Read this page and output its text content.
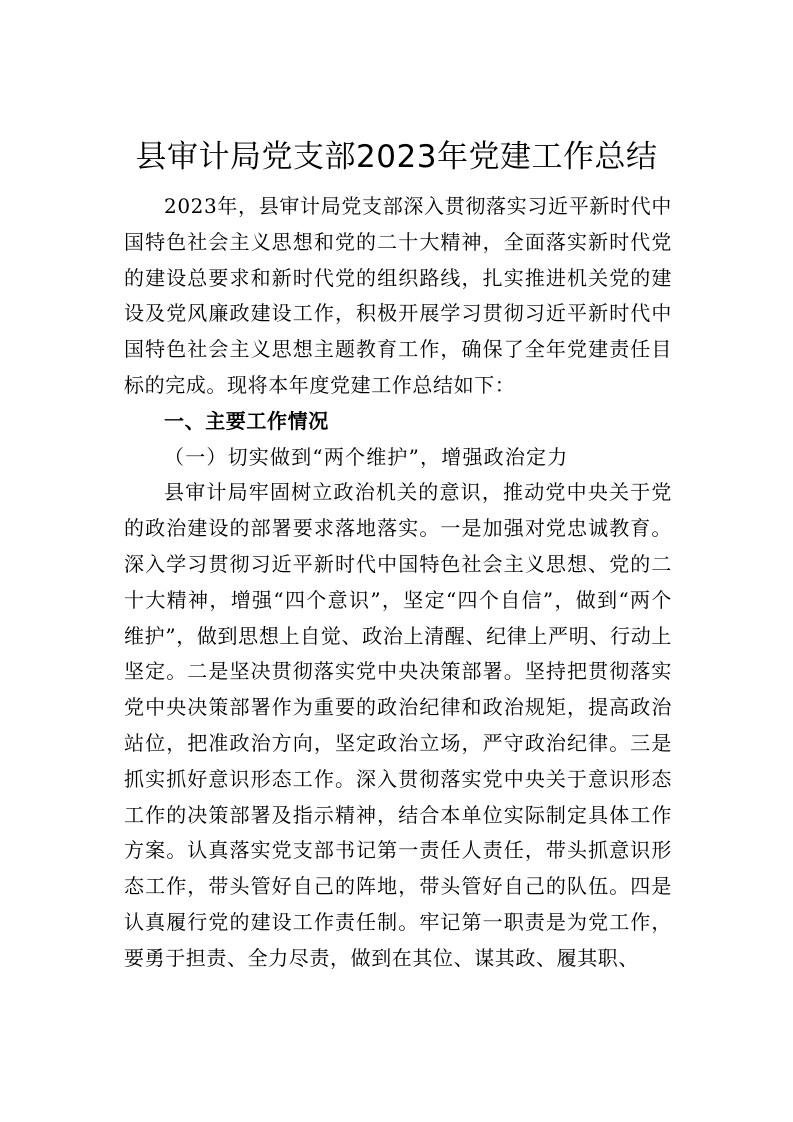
县审计局党支部2023年党建工作总结

2023年，县审计局党支部深入贯彻落实习近平新时代中国特色社会主义思想和党的二十大精神，全面落实新时代党的建设总要求和新时代党的组织路线，扎实推进机关党的建设及党风廉政建设工作，积极开展学习贯彻习近平新时代中国特色社会主义思想主题教育工作，确保了全年党建责任目标的完成。现将本年度党建工作总结如下：

一、主要工作情况

（一）切实做到“两个维护”，增强政治定力

县审计局牢固树立政治机关的意识，推动党中央关于党的政治建设的部署要求落地落实。一是加强对党忠诚教育。深入学习贯彻习近平新时代中国特色社会主义思想、党的二十大精神，增强“四个意识”，坚定“四个自信”，做到“两个维护”，做到思想上自觉、政治上清醒、纪律上严明、行动上坚定。二是坚决贯彻落实党中央决策部署。坚持把贯彻落实党中央决策部署作为重要的政治纪律和政治规矩，提高政治站位，把准政治方向，坚定政治立场，严守政治纪律。三是抓实抓好意识形态工作。深入贯彻落实党中央关于意识形态工作的决策部署及指示精神，结合本单位实际制定具体工作方案。认真落实党支部书记第一责任人责任，带头抓意识形态工作，带头管好自己的阵地，带头管好自己的队伍。四是认真履行党的建设工作责任制。牢记第一职责是为党工作，要勇于担责、全力尽责，做到在其位、谋其政、履其职、
